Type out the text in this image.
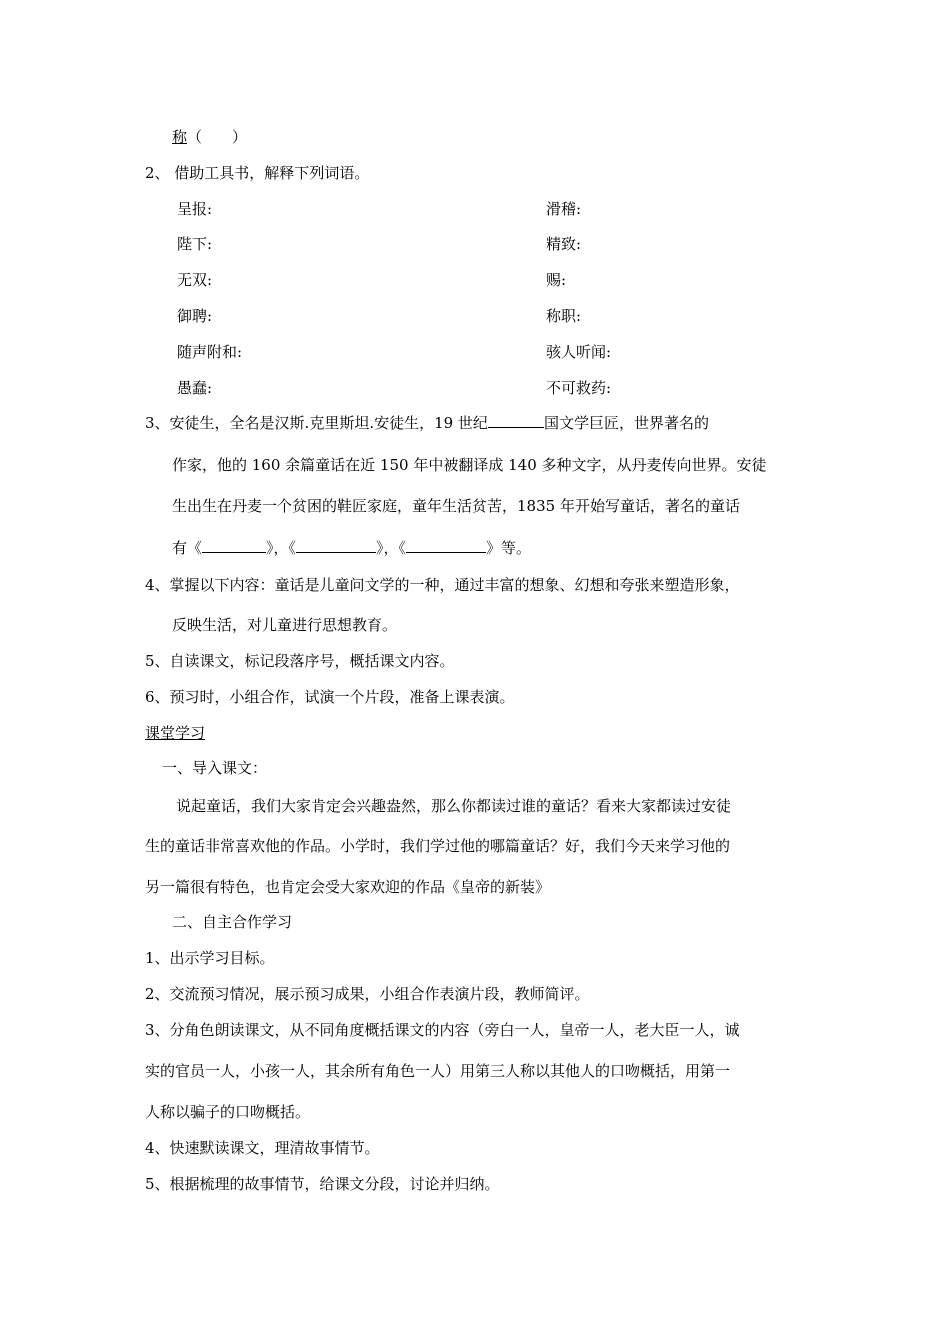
称（　　）
2、 借助工具书，解释下列词语。
呈报:	滑稽:
陛下:	精致:
无双:	赐:
御聘:	称职:
随声附和:	骇人听闻:
愚蠢:	不可救药:
3、安徒生，全名是汉斯.克里斯坦.安徒生，19 世纪	国文学巨匠，世界著名的
作家，他的 160 余篇童话在近 150 年中被翻译成 140 多种文字，从丹麦传向世界。安徒
生出生在丹麦一个贫困的鞋匠家庭，童年生活贫苦，1835 年开始写童话，著名的童话
有《	》，《	》，《	》等。
4、掌握以下内容：童话是儿童问文学的一种，通过丰富的想象、幻想和夸张来塑造形象，
反映生活，对儿童进行思想教育。
5、自读课文，标记段落序号，概括课文内容。
6、预习时，小组合作，试演一个片段，准备上课表演。
课堂学习
一、导入课文：
说起童话，我们大家肯定会兴趣盎然，那么你都读过谁的童话？看来大家都读过安徒
生的童话非常喜欢他的作品。小学时，我们学过他的哪篇童话？好，我们今天来学习他的
另一篇很有特色，也肯定会受大家欢迎的作品《皇帝的新装》
二、自主合作学习
1、出示学习目标。
2、交流预习情况，展示预习成果，小组合作表演片段，教师简评。
3、分角色朗读课文，从不同角度概括课文的内容（旁白一人，皇帝一人，老大臣一人，诚
实的官员一人，小孩一人，其余所有角色一人）用第三人称以其他人的口吻概括，用第一
人称以骗子的口吻概括。
4、快速默读课文，理清故事情节。
5、根据梳理的故事情节，给课文分段，讨论并归纳。
